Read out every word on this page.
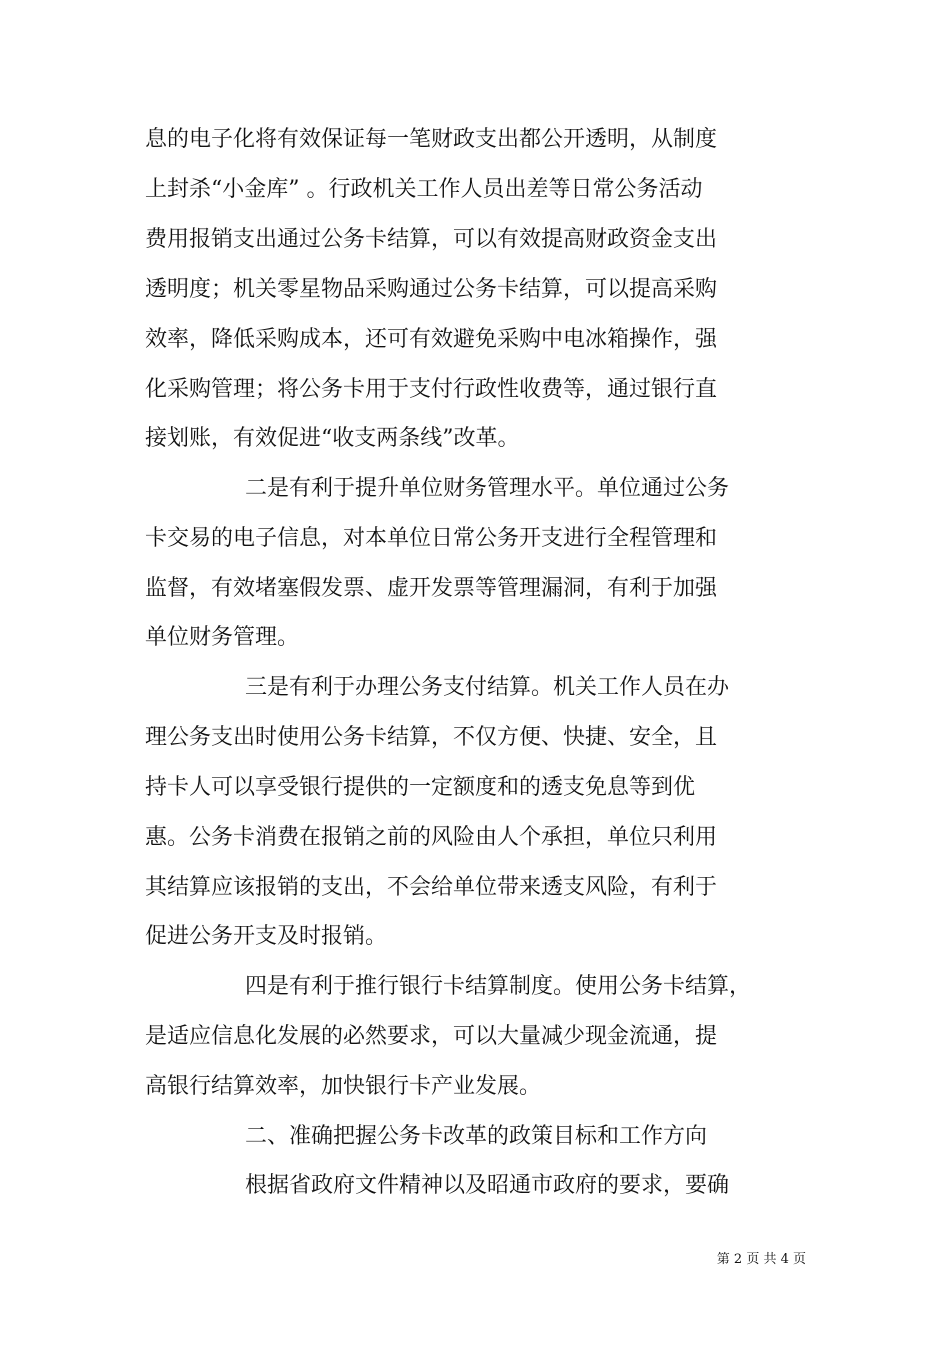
息的电子化将有效保证每一笔财政支出都公开透明，从制度
上封杀“小金库” 。行政机关工作人员出差等日常公务活动
费用报销支出通过公务卡结算，可以有效提高财政资金支出
透明度；机关零星物品采购通过公务卡结算，可以提高采购
效率，降低采购成本，还可有效避免采购中电冰箱操作，强
化采购管理；将公务卡用于支付行政性收费等，通过银行直
接划账，有效促进“收支两条线”改革。
二是有利于提升单位财务管理水平。单位通过公务
卡交易的电子信息，对本单位日常公务开支进行全程管理和
监督，有效堵塞假发票、虚开发票等管理漏洞，有利于加强
单位财务管理。
三是有利于办理公务支付结算。机关工作人员在办
理公务支出时使用公务卡结算，不仅方便、快捷、安全，且
持卡人可以享受银行提供的一定额度和的透支免息等到优
惠。公务卡消费在报销之前的风险由人个承担，单位只利用
其结算应该报销的支出，不会给单位带来透支风险，有利于
促进公务开支及时报销。
四是有利于推行银行卡结算制度。使用公务卡结算，
是适应信息化发展的必然要求，可以大量减少现金流通，提
高银行结算效率，加快银行卡产业发展。
二、准确把握公务卡改革的政策目标和工作方向
根据省政府文件精神以及昭通市政府的要求，要确
第 2 页 共 4 页
